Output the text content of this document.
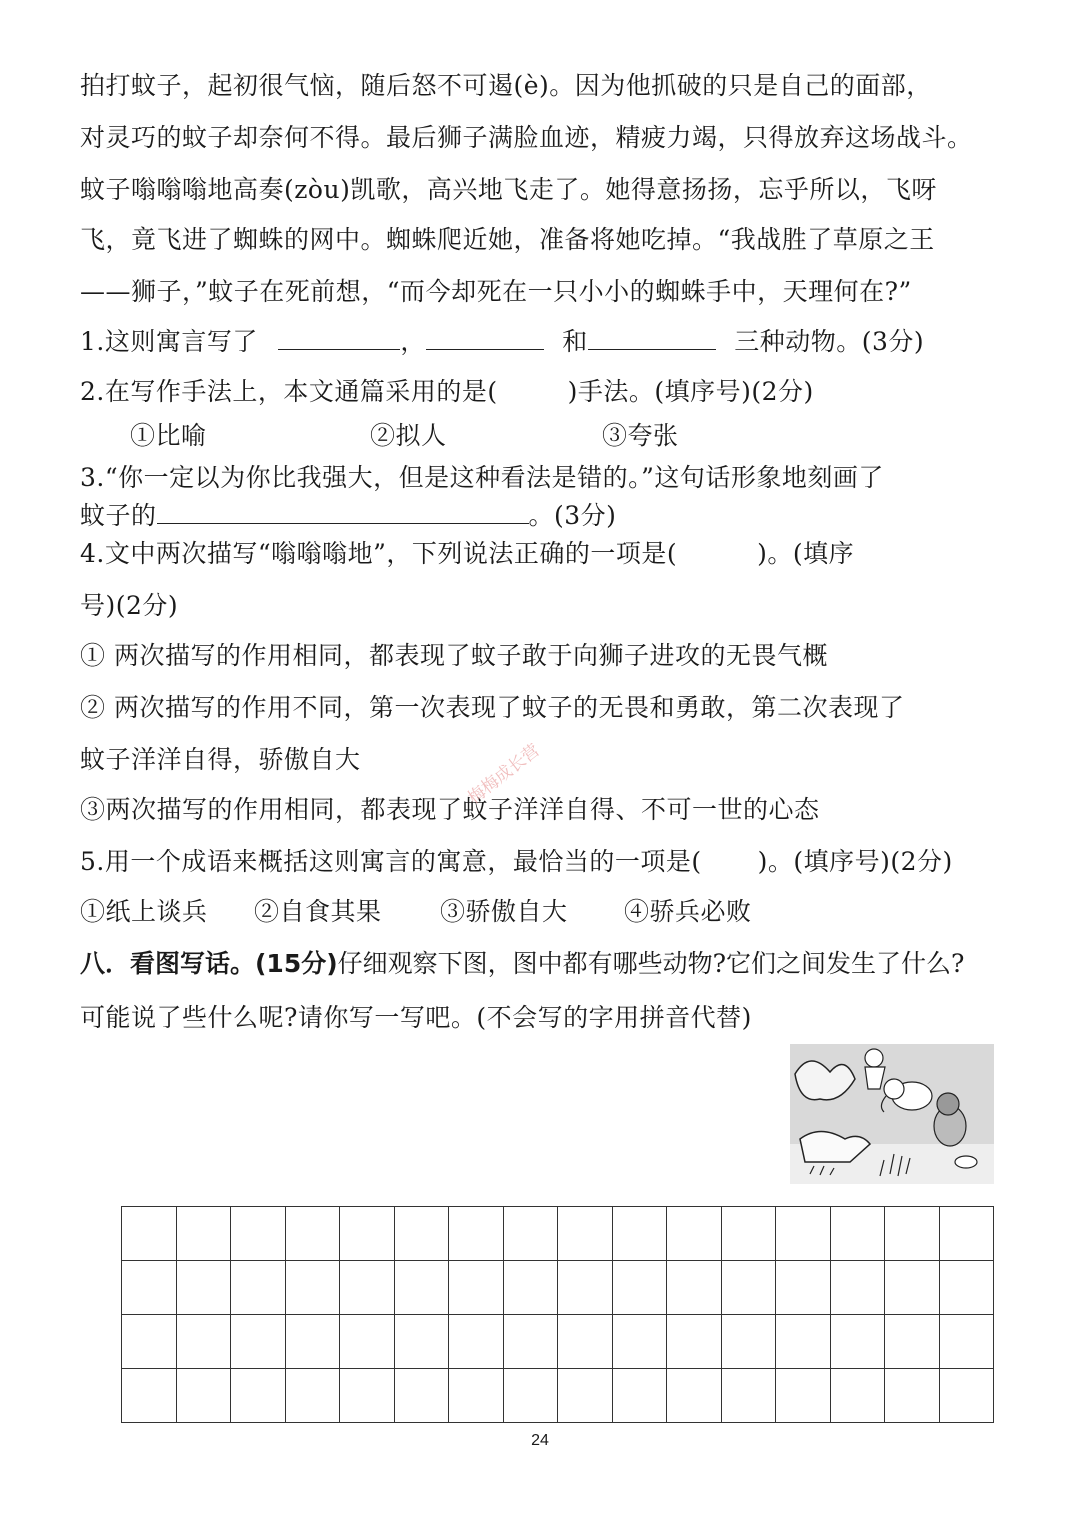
拍打蚊子，起初很气恼，随后怒不可遏(è)。因为他抓破的只是自己的面部，
对灵巧的蚊子却奈何不得。最后狮子满脸血迹，精疲力竭，只得放弃这场战斗。
蚊子嗡嗡嗡地高奏(zòu)凯歌，高兴地飞走了。她得意扬扬，忘乎所以，飞呀
飞，竟飞进了蜘蛛的网中。蜘蛛爬近她，准备将她吃掉。“我战胜了草原之王
——狮子，”蚊子在死前想，“而今却死在一只小小的蜘蛛手中，天理何在?”
1.这则寓言写了	，	和	三种动物。(3分)
2.在写作手法上，本文通篇采用的是(	)手法。(填序号)(2分)
①比喻	②拟人	③夸张
3.“你一定以为你比我强大，但是这种看法是错的。”这句话形象地刻画了
蚊子的	。(3分)
4.文中两次描写“嗡嗡嗡地”，下列说法正确的一项是(	)。(填序
号)(2分)
① 两次描写的作用相同，都表现了蚊子敢于向狮子进攻的无畏气概
② 两次描写的作用不同，第一次表现了蚊子的无畏和勇敢，第二次表现了
蚊子洋洋自得，骄傲自大
③两次描写的作用相同，都表现了蚊子洋洋自得、不可一世的心态
5.用一个成语来概括这则寓言的寓意，最恰当的一项是( )。(填序号)(2分)
①纸上谈兵 ②自食其果 ③骄傲自大 ④骄兵必败
八．看图写话。(15分)仔细观察下图，图中都有哪些动物?它们之间发生了什么?
可能说了些什么呢?请你写一写吧。(不会写的字用拼音代替)

梅梅成长营
24
